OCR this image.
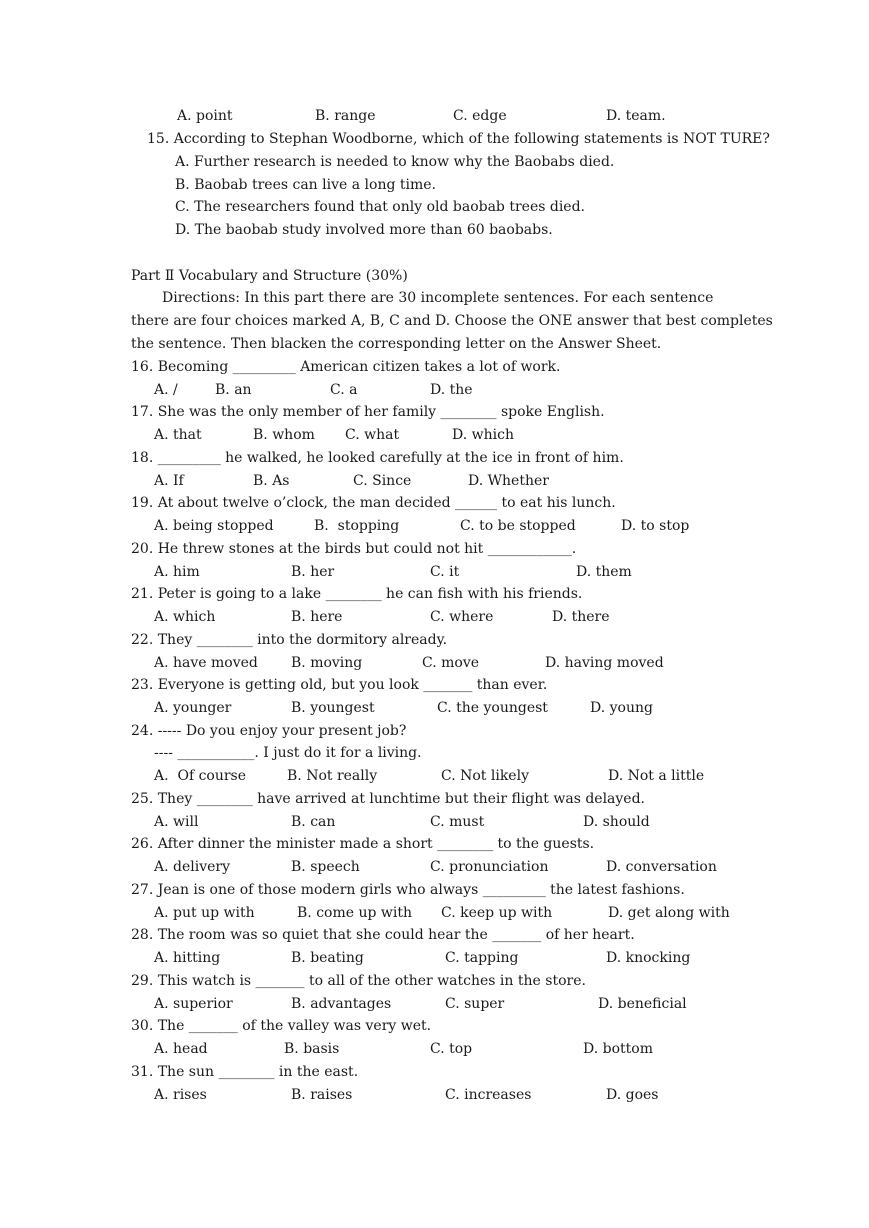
A. point

	B. range

	C. edge

	D. team.

15. According to Stephan Woodborne, which of the following statements is NOT TURE?
A. Further research is needed to know why the Baobabs died.
B. Baobab trees can live a long time.
C. The researchers found that only old baobab trees died.
D. The baobab study involved more than 60 baobabs.
Part Ⅱ Vocabulary and Structure (30%)
Directions: In this part there are 30 incomplete sentences. For each sentence
there are four choices marked A, B, C and D. Choose the ONE answer that best completes
the sentence. Then blacken the corresponding letter on the Answer Sheet.
16. Becoming _________ American citizen takes a lot of work.
A. /	B. an	C. a	D. the
17. She was the only member of her family ________ spoke English.
A. that	B. whom C. what	D. which
18. _________ he walked, he looked carefully at the ice in front of him.
A. If	B. As	C. Since	D. Whether
19. At about twelve o’clock, the man decided ______ to eat his lunch.
A. being stopped	B.  stopping	C. to be stopped	D. to stop
20. He threw stones at the birds but could not hit ____________.
A. him	B. her	C. it	D. them
21. Peter is going to a lake ________ he can fish with his friends.
A. which	B. here	C. where	D. there
22. They ________ into the dormitory already.
A. have moved B. moving	C. move	D. having moved
23. Everyone is getting old, but you look _______ than ever.
A. younger	B. youngest	C. the youngest	D. young
24. ----- Do you enjoy your present job?
---- ___________. I just do it for a living.
A.  Of course	B. Not really	C. Not likely	D. Not a little
25. They ________ have arrived at lunchtime but their flight was delayed.
A. will	B. can	C. must	D. should
26. After dinner the minister made a short ________ to the guests.
A. delivery	B. speech	C. pronunciation	D. conversation
27. Jean is one of those modern girls who always _________ the latest fashions.
A. put up with	B. come up with C. keep up with	D. get along with
28. The room was so quiet that she could hear the _______ of her heart.
A. hitting	B. beating	C. tapping	D. knocking
29. This watch is _______ to all of the other watches in the store.
A. superior	B. advantages	C. super	D. beneficial
30. The _______ of the valley was very wet.
A. head	B. basis	C. top	D. bottom
31. The sun ________ in the east.
A. rises	B. raises	C. increases	D. goes
